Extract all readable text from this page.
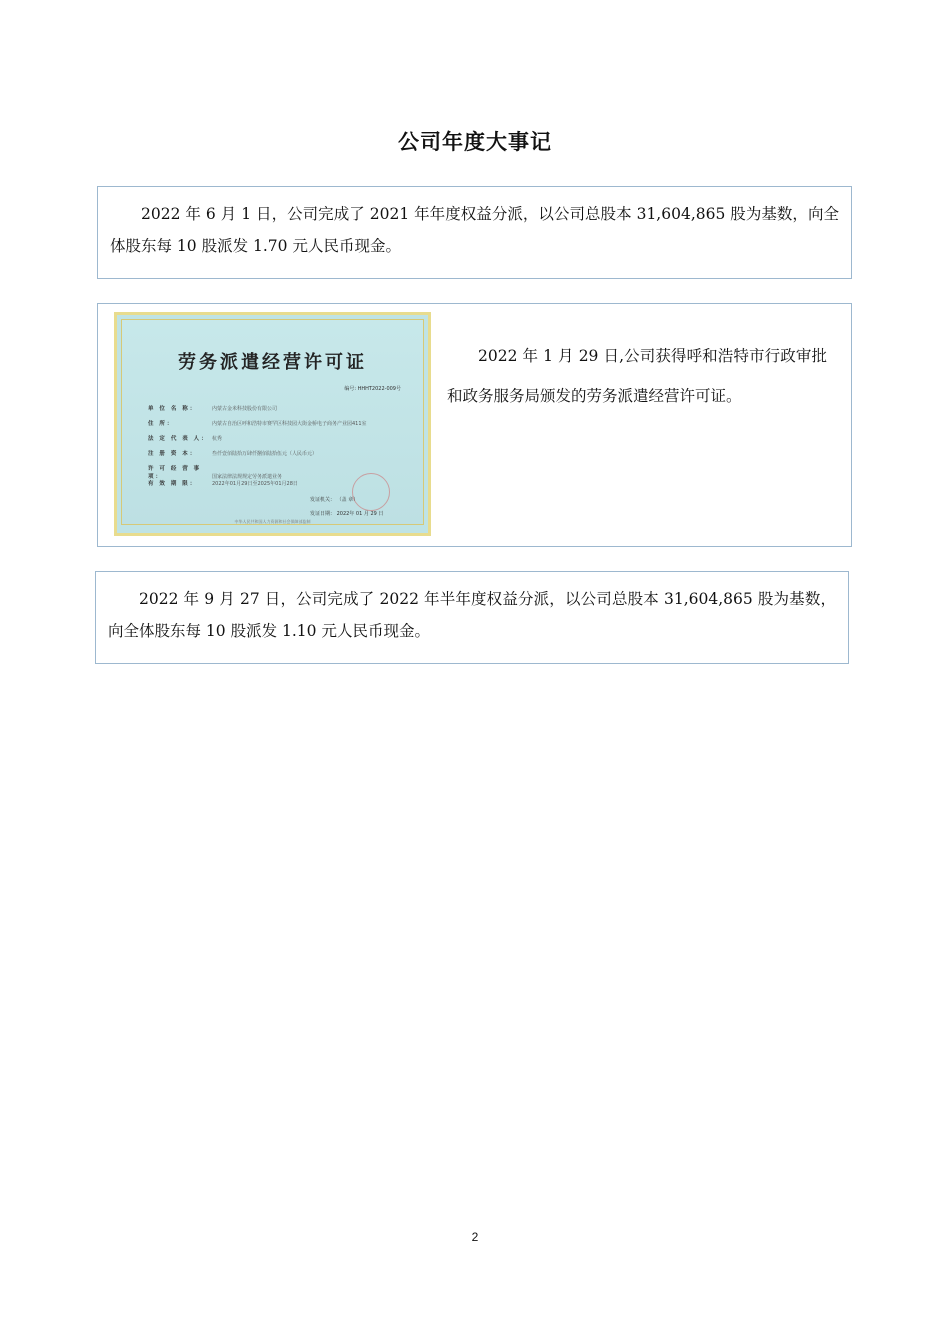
公司年度大事记

2022 年 6 月 1 日，公司完成了 2021 年年度权益分派，以公司总股本 31,604,865 股为基数，向全体股东每 10 股派发 1.70 元人民币现金。

劳务派遣经营许可证
编号: HHHT2022-009号
单 位 名 称：	内蒙古金米科技股份有限公司
住 所：	内蒙古自治区呼和浩特市赛罕区科技园大街金桥电子商务产业园411室
法 定 代 表 人： 杭秀
注 册 资 本：	叁仟壹佰陆拾万肆仟捌佰陆拾伍元（人民币元）
许 可 经 营 事 项：	国家法律法规规定劳务派遣业务
有 效 期 限：	2022年01月29日至2025年01月28日
发证机关： （盖 章）
发证日期： 2022年 01 月 29 日
中华人民共和国人力资源和社会保障部监制

2022 年 1 月 29 日,公司获得呼和浩特市行政审批和政务服务局颁发的劳务派遣经营许可证。

2022 年 9 月 27 日，公司完成了 2022 年半年度权益分派，以公司总股本 31,604,865 股为基数，向全体股东每 10 股派发 1.10 元人民币现金。

2
